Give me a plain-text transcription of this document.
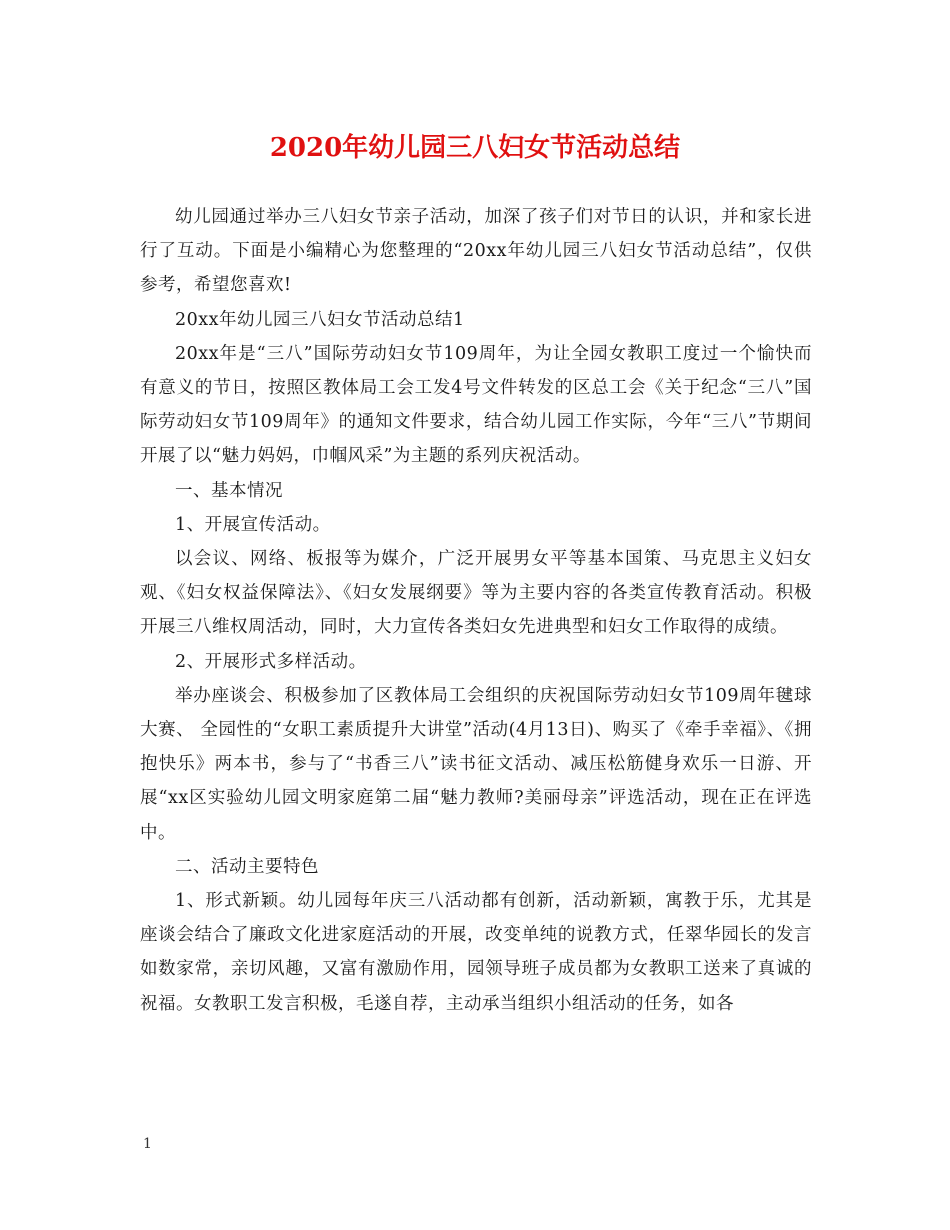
2020年幼儿园三八妇女节活动总结

幼儿园通过举办三八妇女节亲子活动，加深了孩子们对节日的认识，并和家长进行了互动。下面是小编精心为您整理的“20xx年幼儿园三八妇女节活动总结”，仅供参考，希望您喜欢!

20xx年幼儿园三八妇女节活动总结1

20xx年是“三八”国际劳动妇女节109周年，为让全园女教职工度过一个愉快而有意义的节日，按照区教体局工会工发4号文件转发的区总工会《关于纪念“三八”国际劳动妇女节109周年》的通知文件要求，结合幼儿园工作实际，今年“三八”节期间开展了以“魅力妈妈，巾帼风采”为主题的系列庆祝活动。

一、基本情况

1、开展宣传活动。

以会议、网络、板报等为媒介，广泛开展男女平等基本国策、马克思主义妇女观、《妇女权益保障法》、《妇女发展纲要》等为主要内容的各类宣传教育活动。积极开展三八维权周活动，同时，大力宣传各类妇女先进典型和妇女工作取得的成绩。

2、开展形式多样活动。

举办座谈会、积极参加了区教体局工会组织的庆祝国际劳动妇女节109周年毽球大赛、 全园性的“女职工素质提升大讲堂”活动(4月13日)、购买了《牵手幸福》、《拥抱快乐》两本书，参与了“书香三八”读书征文活动、减压松筋健身欢乐一日游、开展“xx区实验幼儿园文明家庭第二届“魅力教师?美丽母亲”评选活动，现在正在评选中。

二、活动主要特色

1、形式新颖。幼儿园每年庆三八活动都有创新，活动新颖，寓教于乐，尤其是座谈会结合了廉政文化进家庭活动的开展，改变单纯的说教方式，任翠华园长的发言如数家常，亲切风趣，又富有激励作用，园领导班子成员都为女教职工送来了真诚的祝福。女教职工发言积极，毛遂自荐，主动承当组织小组活动的任务，如各

1
